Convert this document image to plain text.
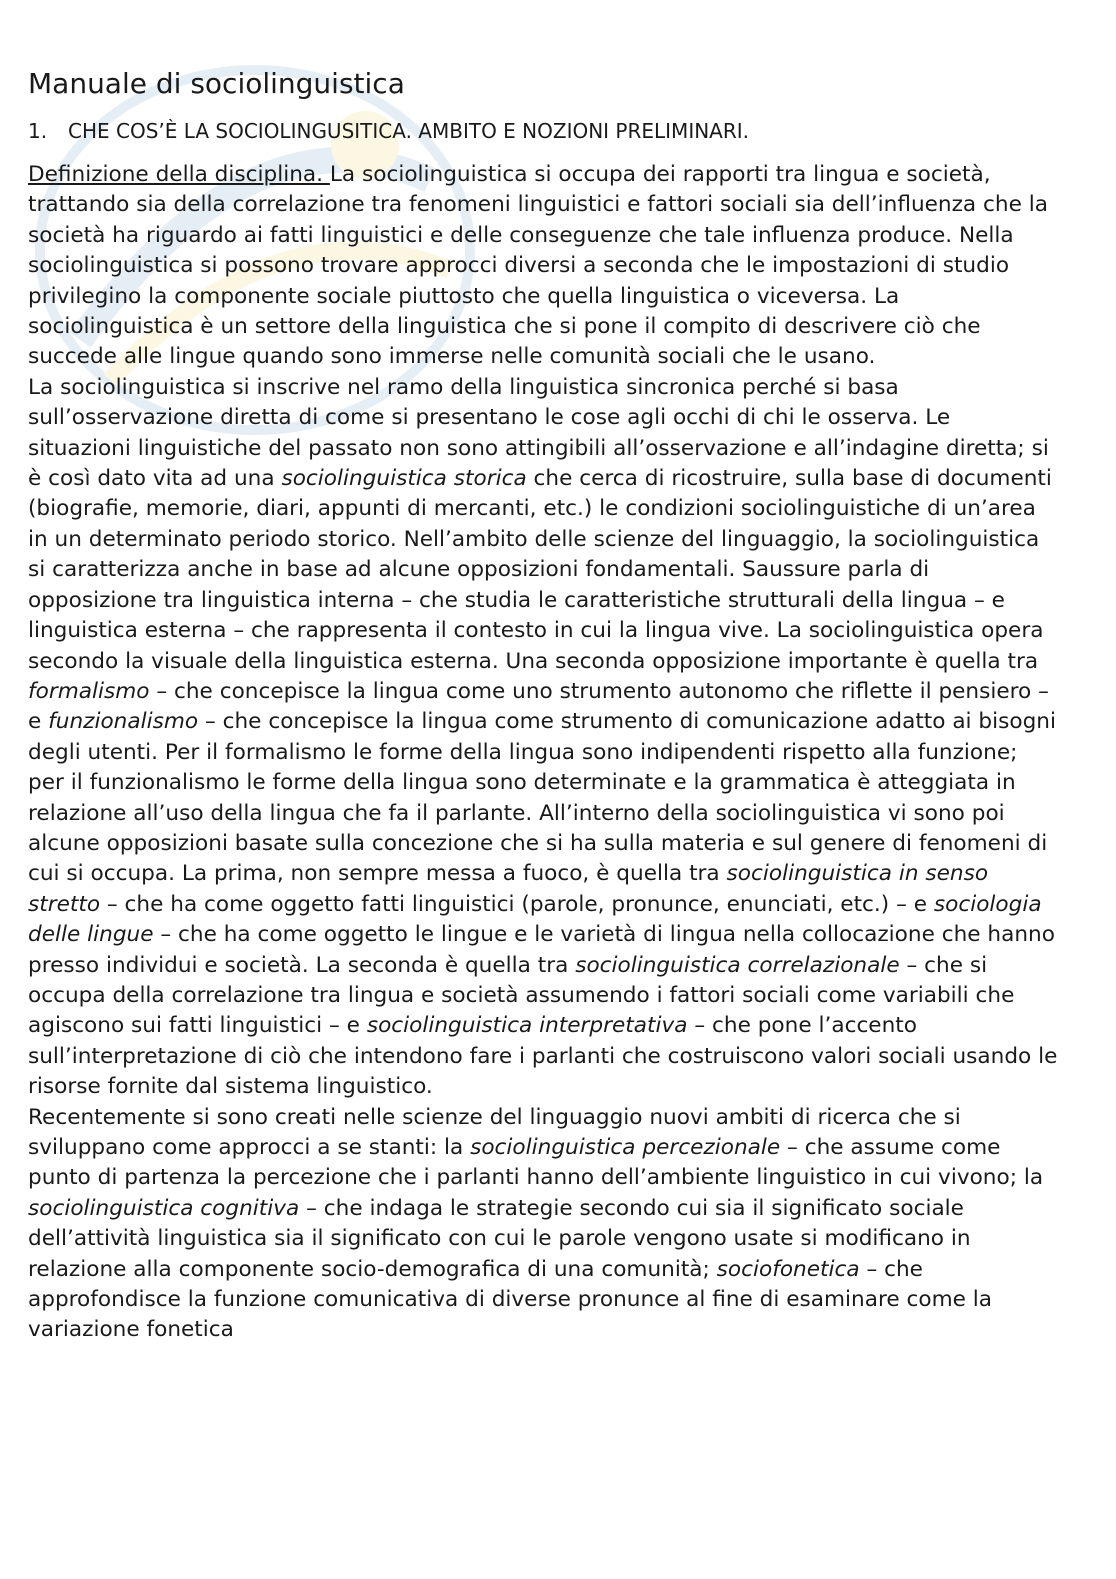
Manuale di sociolinguistica
1.	CHE COS’È LA SOCIOLINGUSITICA. AMBITO E NOZIONI PRELIMINARI.

Definizione della disciplina. La sociolinguistica si occupa dei rapporti tra lingua e società, trattando sia della correlazione tra fenomeni linguistici e fattori sociali sia dell’influenza che la società ha riguardo ai fatti linguistici e delle conseguenze che tale influenza produce. Nella sociolinguistica si possono trovare approcci diversi a seconda che le impostazioni di studio privilegino la componente sociale piuttosto che quella linguistica o viceversa. La sociolinguistica è un settore della linguistica che si pone il compito di descrivere ciò che succede alle lingue quando sono immerse nelle comunità sociali che le usano.

La sociolinguistica si inscrive nel ramo della linguistica sincronica perché si basa sull’osservazione diretta di come si presentano le cose agli occhi di chi le osserva. Le situazioni linguistiche del passato non sono attingibili all’osservazione e all’indagine diretta; si è così dato vita ad una sociolinguistica storica che cerca di ricostruire, sulla base di documenti (biografie, memorie, diari, appunti di mercanti, etc.) le condizioni sociolinguistiche di un’area in un determinato periodo storico. Nell’ambito delle scienze del linguaggio, la sociolinguistica si caratterizza anche in base ad alcune opposizioni fondamentali. Saussure parla di opposizione tra linguistica interna – che studia le caratteristiche strutturali della lingua – e linguistica esterna – che rappresenta il contesto in cui la lingua vive. La sociolinguistica opera secondo la visuale della linguistica esterna. Una seconda opposizione importante è quella tra formalismo – che concepisce la lingua come uno strumento autonomo che riflette il pensiero – e funzionalismo – che concepisce la lingua come strumento di comunicazione adatto ai bisogni degli utenti. Per il formalismo le forme della lingua sono indipendenti rispetto alla funzione; per il funzionalismo le forme della lingua sono determinate e la grammatica è atteggiata in relazione all’uso della lingua che fa il parlante. All’interno della sociolinguistica vi sono poi alcune opposizioni basate sulla concezione che si ha sulla materia e sul genere di fenomeni di cui si occupa. La prima, non sempre messa a fuoco, è quella tra sociolinguistica in senso stretto – che ha come oggetto fatti linguistici (parole, pronunce, enunciati, etc.) – e sociologia delle lingue – che ha come oggetto le lingue e le varietà di lingua nella collocazione che hanno presso individui e società. La seconda è quella tra sociolinguistica correlazionale – che si occupa della correlazione tra lingua e società assumendo i fattori sociali come variabili che agiscono sui fatti linguistici – e sociolinguistica interpretativa – che pone l’accento sull’interpretazione di ciò che intendono fare i parlanti che costruiscono valori sociali usando le risorse fornite dal sistema linguistico.

Recentemente si sono creati nelle scienze del linguaggio nuovi ambiti di ricerca che si sviluppano come approcci a se stanti: la sociolinguistica percezionale – che assume come punto di partenza la percezione che i parlanti hanno dell’ambiente linguistico in cui vivono; la sociolinguistica cognitiva – che indaga le strategie secondo cui sia il significato sociale dell’attività linguistica sia il significato con cui le parole vengono usate si modificano in relazione alla componente socio-demografica di una comunità; sociofonetica – che approfondisce la funzione comunicativa di diverse pronunce al fine di esaminare come la variazione fonetica
